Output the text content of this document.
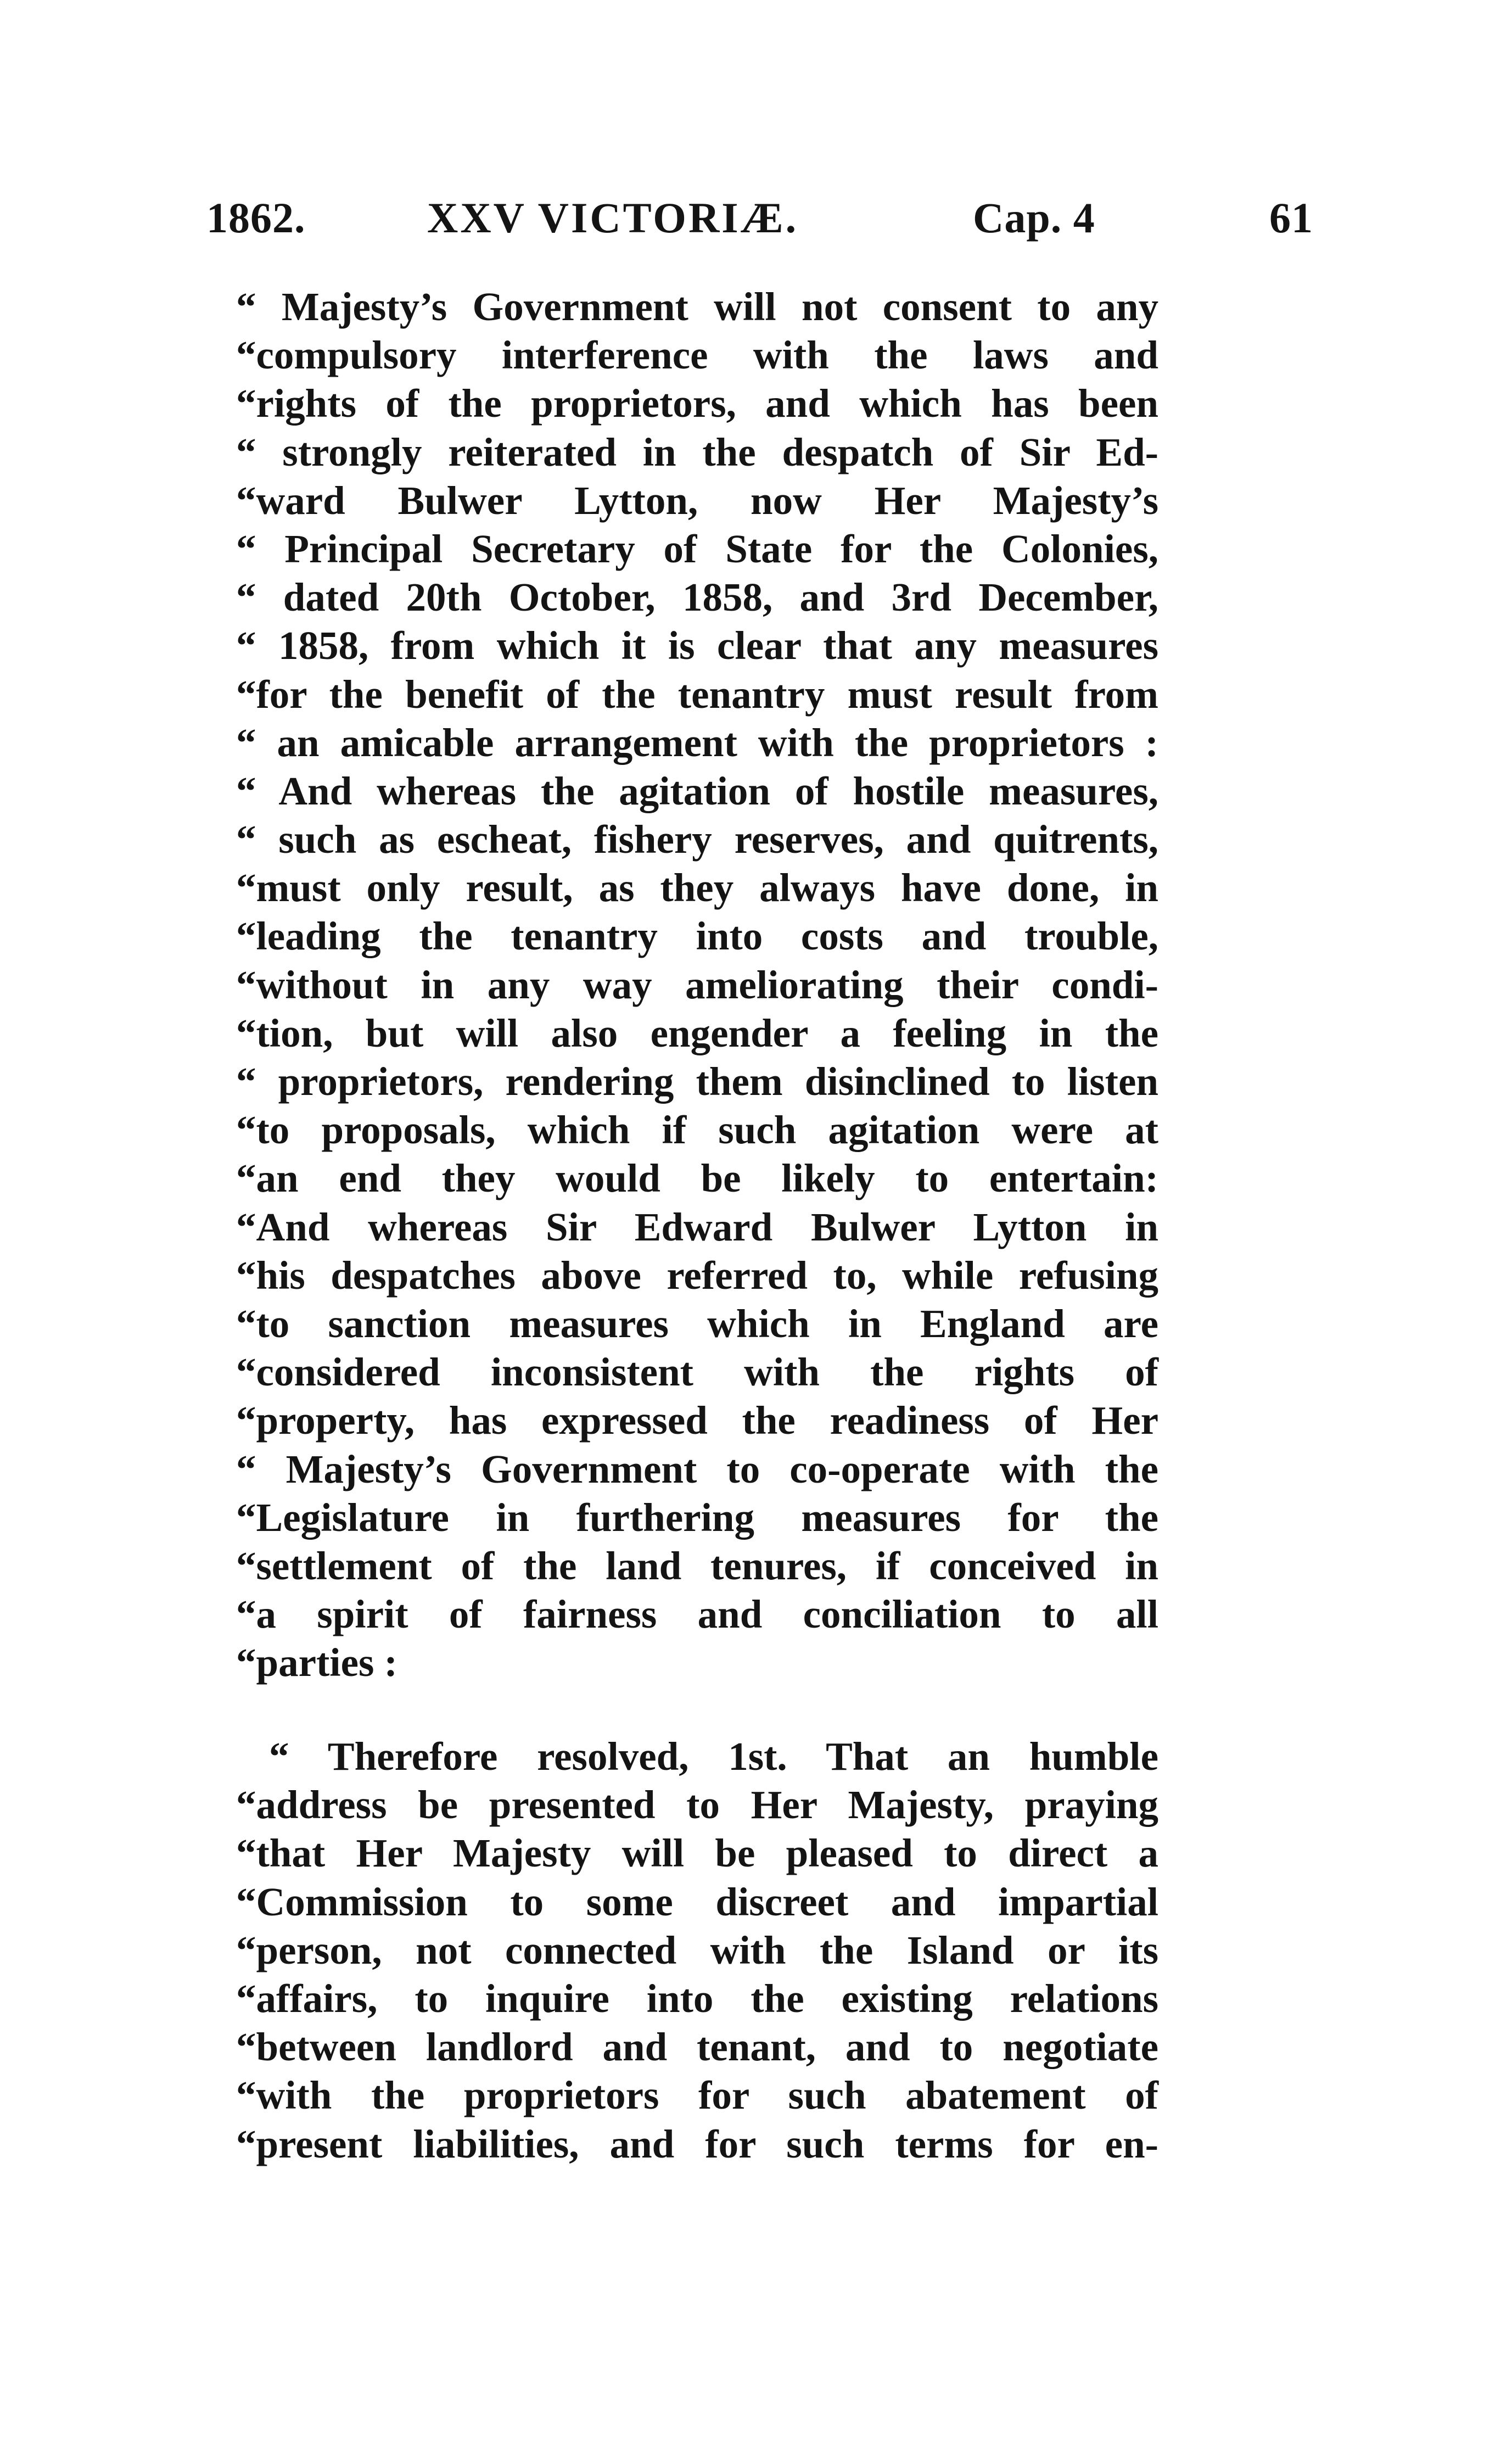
1862.	XXV VICTORIÆ.	Cap. 4	61
“ Majesty’s Government will not consent to any
“compulsory interference with the laws and
“rights of the proprietors, and which has been
“ strongly reiterated in the despatch of Sir Ed-
“ward Bulwer Lytton, now Her Majesty’s
“ Principal Secretary of State for the Colonies,
“ dated 20th October, 1858, and 3rd December,
“ 1858, from which it is clear that any measures
“for the benefit of the tenantry must result from
“ an amicable arrangement with the proprietors :
“ And whereas the agitation of hostile measures,
“ such as escheat, fishery reserves, and quitrents,
“must only result, as they always have done, in
“leading the tenantry into costs and trouble,
“without in any way ameliorating their condi-
“tion, but will also engender a feeling in the
“ proprietors, rendering them disinclined to listen
“to proposals, which if such agitation were at
“an end they would be likely to entertain:
“And whereas Sir Edward Bulwer Lytton in
“his despatches above referred to, while refusing
“to sanction measures which in England are
“considered inconsistent with the rights of
“property, has expressed the readiness of Her
“ Majesty’s Government to co-operate with the
“Legislature in furthering measures for the
“settlement of the land tenures, if conceived in
“a spirit of fairness and conciliation to all
“parties :
“ Therefore resolved, 1st. That an humble
“address be presented to Her Majesty, praying
“that Her Majesty will be pleased to direct a
“Commission to some discreet and impartial
“person, not connected with the Island or its
“affairs, to inquire into the existing relations
“between landlord and tenant, and to negotiate
“with the proprietors for such abatement of
“present liabilities, and for such terms for en-
